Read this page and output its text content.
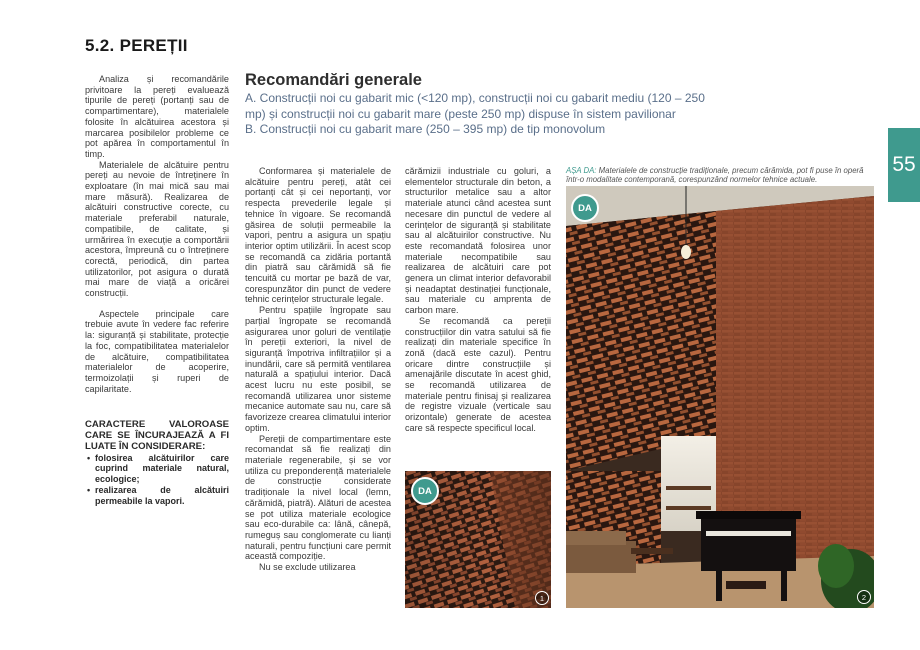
5.2. PEREȚII
55

Analiza și recomandările privitoare la pereți evaluează tipurile de pereți (portanți sau de compartimentare), materialele folosite în alcătuirea acestora și marcarea posibilelor probleme ce pot apărea în comportamentul în timp.

Materialele de alcătuire pentru pereți au nevoie de întreținere în exploatare (în mai mică sau mai mare măsură). Realizarea de alcătuiri constructive corecte, cu materiale preferabil naturale, compatibile, de calitate, și urmărirea în execuție a comportării acestora, împreună cu o întreținere corectă, periodică, din partea utilizatorilor, pot asigura o durată mai mare de viață a oricărei construcții.

Aspectele principale care trebuie avute în vedere fac referire la: siguranță și stabilitate, protecție la foc, compatibilitatea materialelor de alcătuire, compatibilitatea materialelor de acoperire, termoizolații și ruperi de capilaritate.

CARACTERE VALOROASE CARE SE ÎNCURAJEAZĂ A FI LUATE ÎN CONSIDERARE:
• folosirea alcătuirilor care cuprind materiale natural, ecologice;
• realizarea de alcătuiri permeabile la vapori.
Recomandări generale
A. Construcții noi cu gabarit mic (<120 mp), construcții noi cu gabarit mediu (120 – 250 mp) și construcții noi cu gabarit mare (peste 250 mp) dispuse în sistem pavilionar
B. Construcții noi cu gabarit mare (250 – 395 mp) de tip monovolum

Conformarea și materialele de alcătuire pentru pereți, atât cei portanți cât și cei neportanți, vor respecta prevederile legale și tehnice în vigoare. Se recomandă găsirea de soluții permeabile la vapori, pentru a asigura un spațiu interior optim utilizării. În acest scop se recomandă ca zidăria portantă din piatră sau cărămidă să fie tencuită cu mortar pe bază de var, corespunzător din punct de vedere tehnic cerințelor structurale legale.

Pentru spațiile îngropate sau parțial îngropate se recomandă asigurarea unor goluri de ventilație în pereții exteriori, la nivel de siguranță împotriva infiltrațiilor și a inundării, care să permită ventilarea naturală a spațiului interior. Dacă acest lucru nu este posibil, se recomandă utilizarea unor sisteme mecanice automate sau nu, care să favorizeze crearea climatului interior optim.

Pereții de compartimentare este recomandat să fie realizați din materiale regenerabile, și se vor utiliza cu preponderență materialele de construcție considerate tradiționale la nivel local (lemn, cărămidă, piatră). Alături de acestea se pot utiliza materiale ecologice sau eco-durabile ca: lână, cânepă, rumeguș sau conglomerate cu lianți naturali, pentru funcțiuni care permit această compoziție.

Nu se exclude utilizarea

cărămizii industriale cu goluri, a elementelor structurale din beton, a structurilor metalice sau a altor materiale atunci când acestea sunt necesare din punctul de vedere al cerințelor de siguranță și stabilitate sau al alcătuirilor constructive. Nu este recomandată folosirea unor materiale necompatibile sau realizarea de alcătuiri care pot genera un climat interior defavorabil și neadaptat destinației funcționale, sau materiale cu amprenta de carbon mare.

Se recomandă ca pereții construcțiilor din vatra satului să fie realizați din materiale specifice în zonă (dacă este cazul). Pentru oricare dintre construcțiile și amenajările discutate în acest ghid, se recomandă utilizarea de materiale pentru finisaj și realizarea de registre vizuale (verticale sau orizontale) generate de acestea care să respecte specificul local.

AȘA DA: Materialele de construcție tradiționale, precum cărămida, pot fi puse în operă într-o modalitate contemporană, corespunzând normelor tehnice actuale.
DA
1
DA
2
